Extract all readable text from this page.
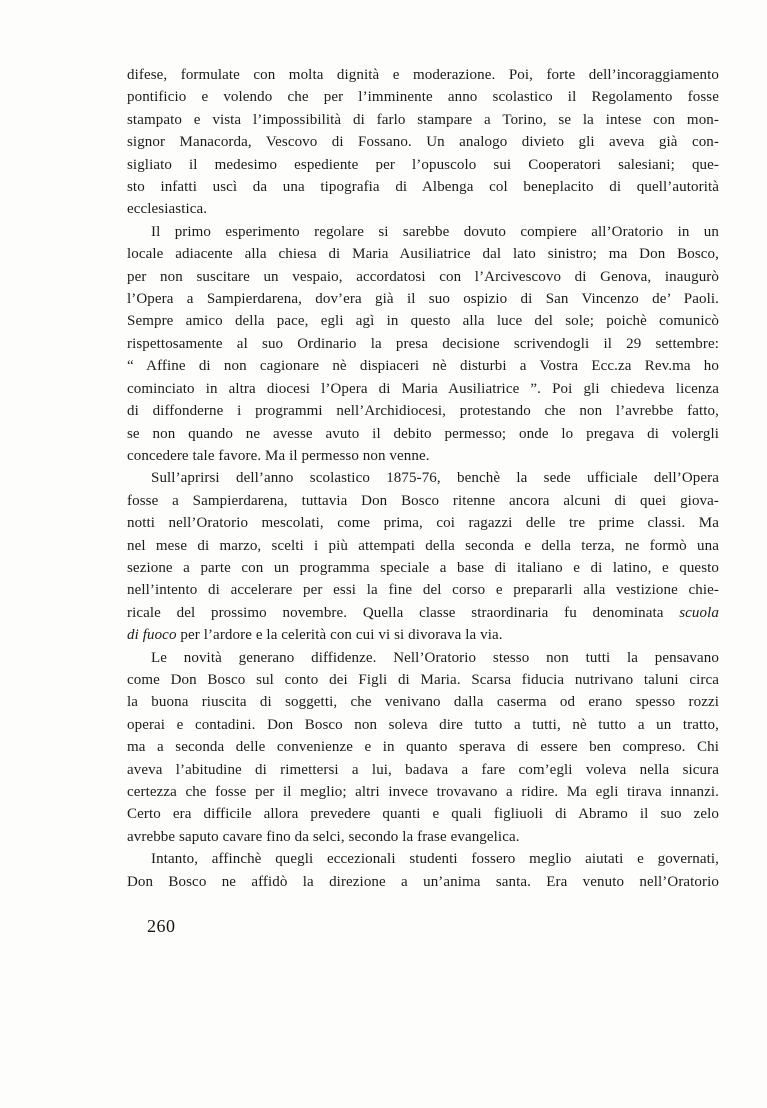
difese, formulate con molta dignità e moderazione. Poi, forte dell’incoraggiamento
pontificio e volendo che per l’imminente anno scolastico il Regolamento fosse
stampato e vista l’impossibilità di farlo stampare a Torino, se la intese con mon-
signor Manacorda, Vescovo di Fossano. Un analogo divieto gli aveva già con-
sigliato il medesimo espediente per l’opuscolo sui Cooperatori salesiani; que-
sto infatti uscì da una tipografia di Albenga col beneplacito di quell’autorità
ecclesiastica.
Il primo esperimento regolare si sarebbe dovuto compiere all’Oratorio in un
locale adiacente alla chiesa di Maria Ausiliatrice dal lato sinistro; ma Don Bosco,
per non suscitare un vespaio, accordatosi con l’Arcivescovo di Genova, inaugurò
l’Opera a Sampierdarena, dov’era già il suo ospizio di San Vincenzo de’ Paoli.
Sempre amico della pace, egli agì in questo alla luce del sole; poichè comunicò
rispettosamente al suo Ordinario la presa decisione scrivendogli il 29 settembre:
“ Affine di non cagionare nè dispiaceri nè disturbi a Vostra Ecc.za Rev.ma ho
cominciato in altra diocesi l’Opera di Maria Ausiliatrice ”. Poi gli chiedeva licenza
di diffonderne i programmi nell’Archidiocesi, protestando che non l’avrebbe fatto,
se non quando ne avesse avuto il debito permesso; onde lo pregava di volergli
concedere tale favore. Ma il permesso non venne.
Sull’aprirsi dell’anno scolastico 1875-76, benchè la sede ufficiale dell’Opera
fosse a Sampierdarena, tuttavia Don Bosco ritenne ancora alcuni di quei giova-
notti nell’Oratorio mescolati, come prima, coi ragazzi delle tre prime classi. Ma
nel mese di marzo, scelti i più attempati della seconda e della terza, ne formò una
sezione a parte con un programma speciale a base di italiano e di latino, e questo
nell’intento di accelerare per essi la fine del corso e prepararli alla vestizione chie-
ricale del prossimo novembre. Quella classe straordinaria fu denominata scuola
di fuoco per l’ardore e la celerità con cui vi si divorava la via.
Le novità generano diffidenze. Nell’Oratorio stesso non tutti la pensavano
come Don Bosco sul conto dei Figli di Maria. Scarsa fiducia nutrivano taluni circa
la buona riuscita di soggetti, che venivano dalla caserma od erano spesso rozzi
operai e contadini. Don Bosco non soleva dire tutto a tutti, nè tutto a un tratto,
ma a seconda delle convenienze e in quanto sperava di essere ben compreso. Chi
aveva l’abitudine di rimettersi a lui, badava a fare com’egli voleva nella sicura
certezza che fosse per il meglio; altri invece trovavano a ridire. Ma egli tirava innanzi.
Certo era difficile allora prevedere quanti e quali figliuoli di Abramo il suo zelo
avrebbe saputo cavare fino da selci, secondo la frase evangelica.
Intanto, affinchè quegli eccezionali studenti fossero meglio aiutati e governati,
Don Bosco ne affidò la direzione a un’anima santa. Era venuto nell’Oratorio
260
